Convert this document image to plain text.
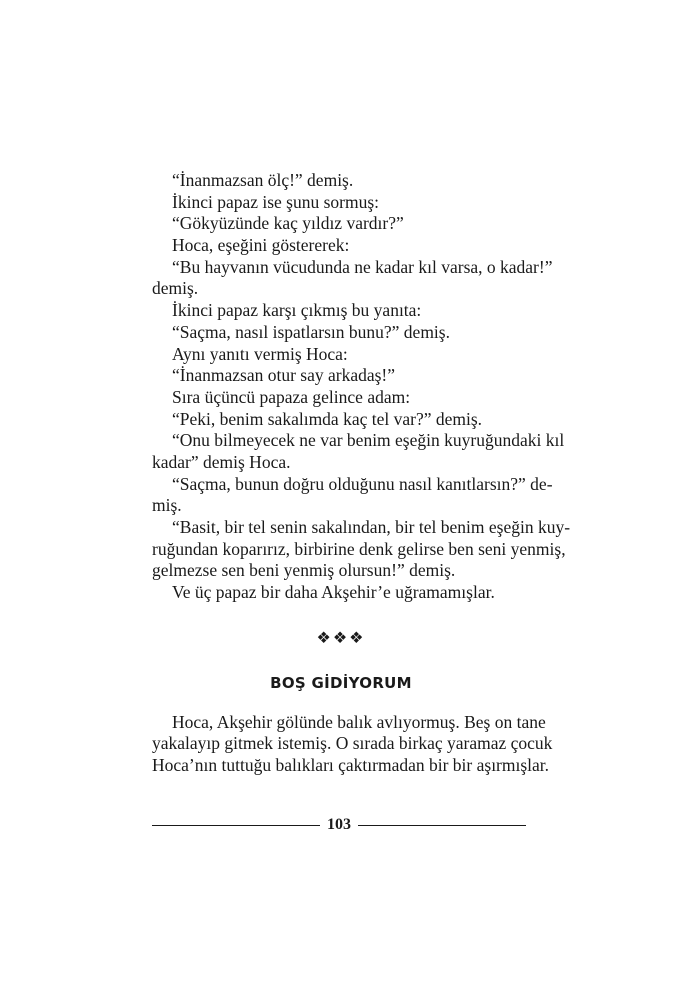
“İnanmazsan ölç!” demiş.
İkinci papaz ise şunu sormuş:
“Gökyüzünde kaç yıldız vardır?”
Hoca, eşeğini göstererek:
“Bu hayvanın vücudunda ne kadar kıl varsa, o kadar!”
demiş.
İkinci papaz karşı çıkmış bu yanıta:
“Saçma, nasıl ispatlarsın bunu?” demiş.
Aynı yanıtı vermiş Hoca:
“İnanmazsan otur say arkadaş!”
Sıra üçüncü papaza gelince adam:
“Peki, benim sakalımda kaç tel var?” demiş.
“Onu bilmeyecek ne var benim eşeğin kuyruğundaki kıl
kadar” demiş Hoca.
“Saçma, bunun doğru olduğunu nasıl kanıtlarsın?” de-
miş.
“Basit, bir tel senin sakalından, bir tel benim eşeğin kuy-
ruğundan koparırız, birbirine denk gelirse ben seni yenmiş,
gelmezse sen beni yenmiş olursun!” demiş.
Ve üç papaz bir daha Akşehir’e uğramamışlar.
❖❖❖
BOŞ GİDİYORUM
Hoca, Akşehir gölünde balık avlıyormuş. Beş on tane
yakalayıp gitmek istemiş. O sırada birkaç yaramaz çocuk
Hoca’nın tuttuğu balıkları çaktırmadan bir bir aşırmışlar.
103
